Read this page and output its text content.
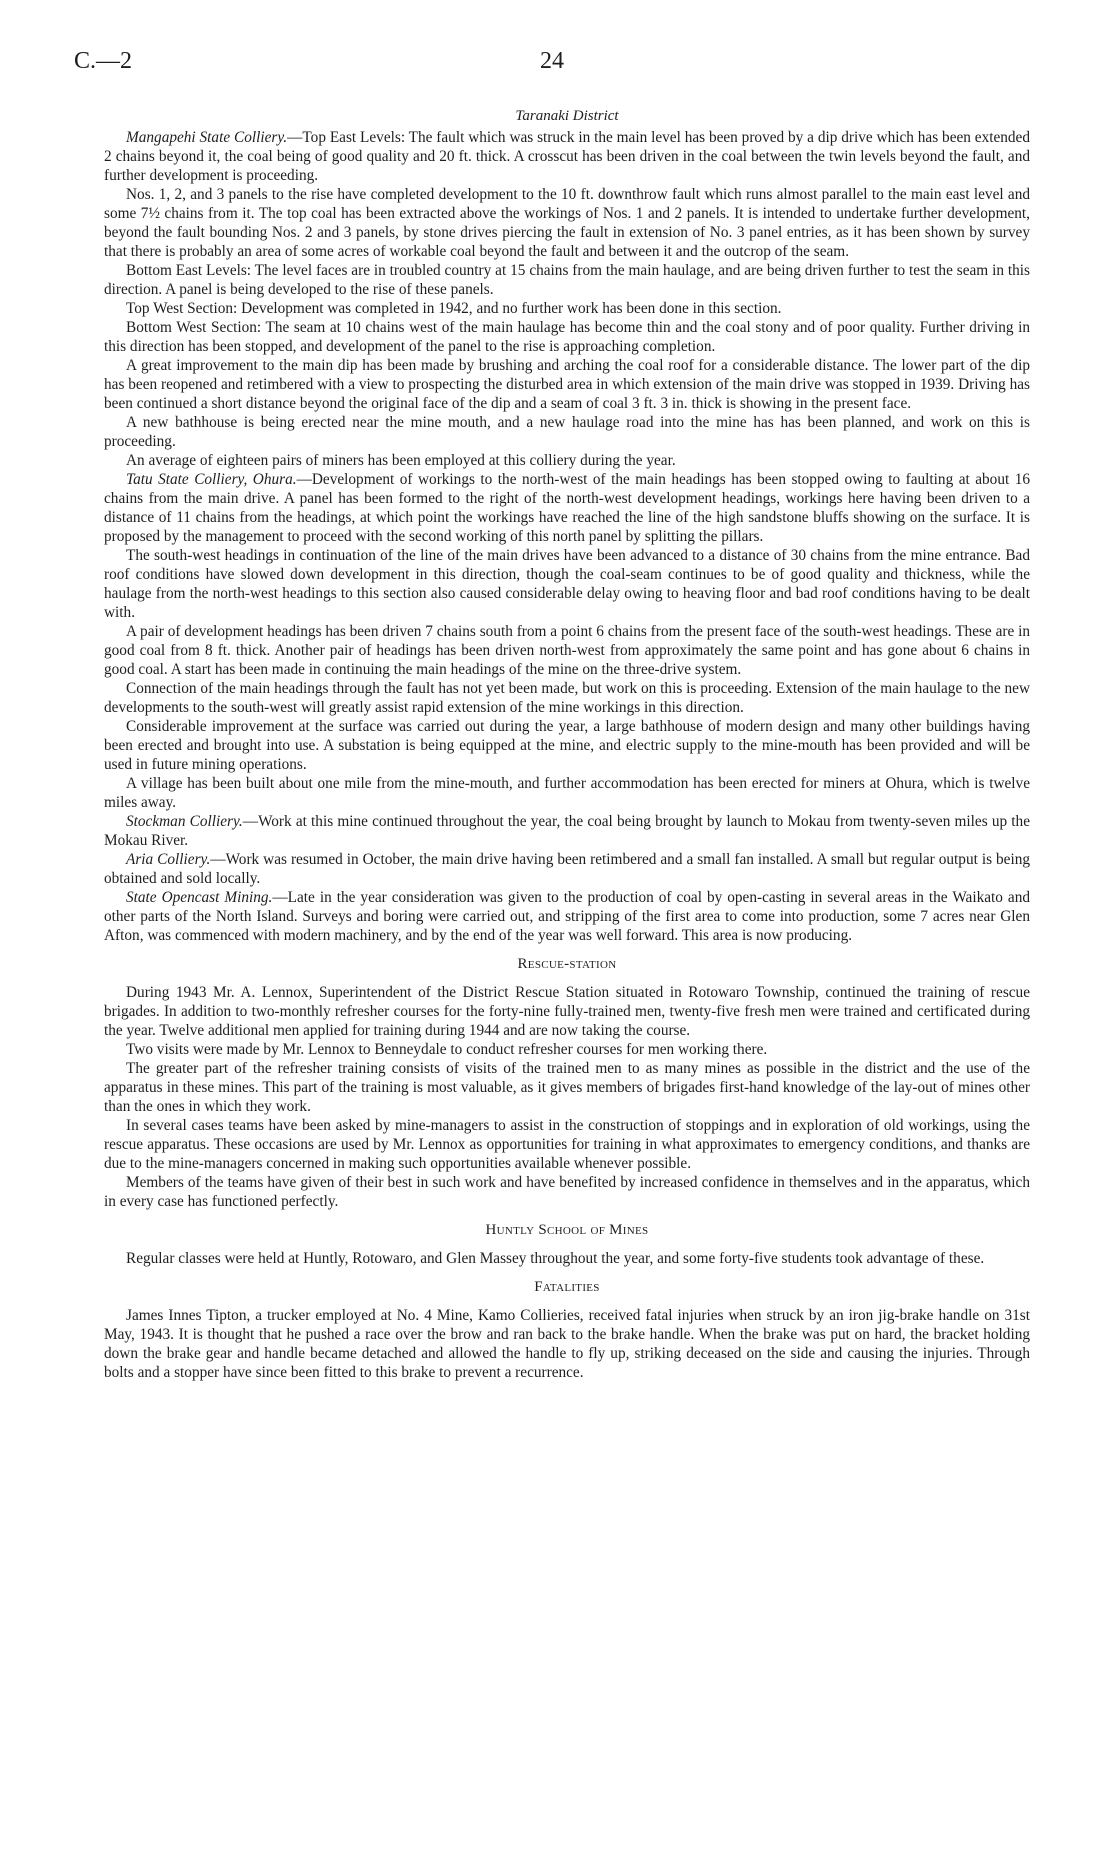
C.—2	24

Taranaki District

Mangapehi State Colliery.—Top East Levels: The fault which was struck in the main level has been proved by a dip drive which has been extended 2 chains beyond it, the coal being of good quality and 20 ft. thick. A crosscut has been driven in the coal between the twin levels beyond the fault, and further development is proceeding.

Nos. 1, 2, and 3 panels to the rise have completed development to the 10 ft. downthrow fault which runs almost parallel to the main east level and some 7½ chains from it. The top coal has been extracted above the workings of Nos. 1 and 2 panels. It is intended to undertake further development, beyond the fault bounding Nos. 2 and 3 panels, by stone drives piercing the fault in extension of No. 3 panel entries, as it has been shown by survey that there is probably an area of some acres of workable coal beyond the fault and between it and the outcrop of the seam.

Bottom East Levels: The level faces are in troubled country at 15 chains from the main haulage, and are being driven further to test the seam in this direction. A panel is being developed to the rise of these panels.

Top West Section: Development was completed in 1942, and no further work has been done in this section.

Bottom West Section: The seam at 10 chains west of the main haulage has become thin and the coal stony and of poor quality. Further driving in this direction has been stopped, and development of the panel to the rise is approaching completion.

A great improvement to the main dip has been made by brushing and arching the coal roof for a considerable distance. The lower part of the dip has been reopened and retimbered with a view to prospecting the disturbed area in which extension of the main drive was stopped in 1939. Driving has been continued a short distance beyond the original face of the dip and a seam of coal 3 ft. 3 in. thick is showing in the present face.

A new bathhouse is being erected near the mine mouth, and a new haulage road into the mine has has been planned, and work on this is proceeding.

An average of eighteen pairs of miners has been employed at this colliery during the year.

Tatu State Colliery, Ohura.—Development of workings to the north-west of the main headings has been stopped owing to faulting at about 16 chains from the main drive. A panel has been formed to the right of the north-west development headings, workings here having been driven to a distance of 11 chains from the headings, at which point the workings have reached the line of the high sandstone bluffs showing on the surface. It is proposed by the management to proceed with the second working of this north panel by splitting the pillars.

The south-west headings in continuation of the line of the main drives have been advanced to a distance of 30 chains from the mine entrance. Bad roof conditions have slowed down development in this direction, though the coal-seam continues to be of good quality and thickness, while the haulage from the north-west headings to this section also caused considerable delay owing to heaving floor and bad roof conditions having to be dealt with.

A pair of development headings has been driven 7 chains south from a point 6 chains from the present face of the south-west headings. These are in good coal from 8 ft. thick. Another pair of headings has been driven north-west from approximately the same point and has gone about 6 chains in good coal. A start has been made in continuing the main headings of the mine on the three-drive system.

Connection of the main headings through the fault has not yet been made, but work on this is proceeding. Extension of the main haulage to the new developments to the south-west will greatly assist rapid extension of the mine workings in this direction.

Considerable improvement at the surface was carried out during the year, a large bathhouse of modern design and many other buildings having been erected and brought into use. A substation is being equipped at the mine, and electric supply to the mine-mouth has been provided and will be used in future mining operations.

A village has been built about one mile from the mine-mouth, and further accommodation has been erected for miners at Ohura, which is twelve miles away.

Stockman Colliery.—Work at this mine continued throughout the year, the coal being brought by launch to Mokau from twenty-seven miles up the Mokau River.

Aria Colliery.—Work was resumed in October, the main drive having been retimbered and a small fan installed. A small but regular output is being obtained and sold locally.

State Opencast Mining.—Late in the year consideration was given to the production of coal by open-casting in several areas in the Waikato and other parts of the North Island. Surveys and boring were carried out, and stripping of the first area to come into production, some 7 acres near Glen Afton, was commenced with modern machinery, and by the end of the year was well forward. This area is now producing.

Rescue-station

During 1943 Mr. A. Lennox, Superintendent of the District Rescue Station situated in Rotowaro Township, continued the training of rescue brigades. In addition to two-monthly refresher courses for the forty-nine fully-trained men, twenty-five fresh men were trained and certificated during the year. Twelve additional men applied for training during 1944 and are now taking the course.

Two visits were made by Mr. Lennox to Benneydale to conduct refresher courses for men working there.

The greater part of the refresher training consists of visits of the trained men to as many mines as possible in the district and the use of the apparatus in these mines. This part of the training is most valuable, as it gives members of brigades first-hand knowledge of the lay-out of mines other than the ones in which they work.

In several cases teams have been asked by mine-managers to assist in the construction of stoppings and in exploration of old workings, using the rescue apparatus. These occasions are used by Mr. Lennox as opportunities for training in what approximates to emergency conditions, and thanks are due to the mine-managers concerned in making such opportunities available whenever possible.

Members of the teams have given of their best in such work and have benefited by increased confidence in themselves and in the apparatus, which in every case has functioned perfectly.

Huntly School of Mines

Regular classes were held at Huntly, Rotowaro, and Glen Massey throughout the year, and some forty-five students took advantage of these.

Fatalities

James Innes Tipton, a trucker employed at No. 4 Mine, Kamo Collieries, received fatal injuries when struck by an iron jig-brake handle on 31st May, 1943. It is thought that he pushed a race over the brow and ran back to the brake handle. When the brake was put on hard, the bracket holding down the brake gear and handle became detached and allowed the handle to fly up, striking deceased on the side and causing the injuries. Through bolts and a stopper have since been fitted to this brake to prevent a recurrence.
